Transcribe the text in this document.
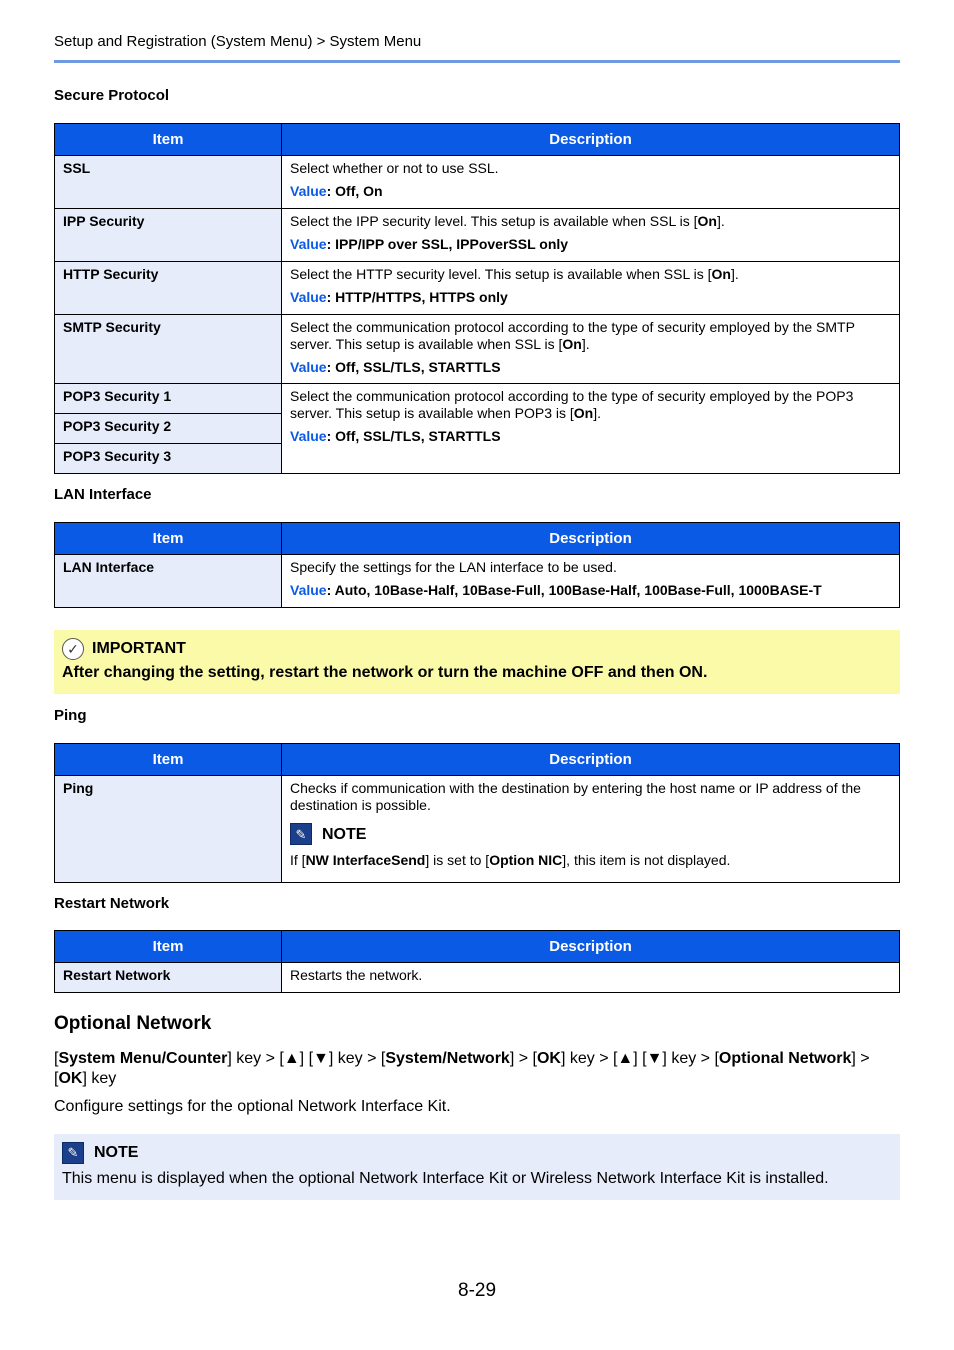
Setup and Registration (System Menu) > System Menu
Secure Protocol
Item	Description
SSL	Select whether or not to use SSL.
Value: Off, On

IPP Security	Select the IPP security level. This setup is available when SSL is [On].
Value: IPP/IPP over SSL, IPPoverSSL only

HTTP Security	Select the HTTP security level. This setup is available when SSL is [On].
Value: HTTP/HTTPS, HTTPS only

SMTP Security	Select the communication protocol according to the type of security employed by the SMTP server. This setup is available when SSL is [On].
Value: Off, SSL/TLS, STARTTLS

POP3 Security 1	Select the communication protocol according to the type of security employed by the POP3 server. This setup is available when POP3 is [On].
Value: Off, SSL/TLS, STARTTLS

POP3 Security 2	
POP3 Security 3	
LAN Interface
Item	Description
LAN Interface	Specify the settings for the LAN interface to be used.
Value: Auto, 10Base-Half, 10Base-Full, 100Base-Half, 100Base-Full, 1000BASE-T
✓ IMPORTANT
After changing the setting, restart the network or turn the machine OFF and then ON.
Ping
Item	Description
Ping	Checks if communication with the destination by entering the host name or IP address of the destination is possible.
✎ NOTE
If [NW InterfaceSend] is set to [Option NIC], this item is not displayed.
Restart Network
Item	Description
Restart Network	Restarts the network.
Optional Network
[System Menu/Counter] key > [▲] [▼] key > [System/Network] > [OK] key > [▲] [▼] key > [Optional Network] > [OK] key
Configure settings for the optional Network Interface Kit.
✎ NOTE
This menu is displayed when the optional Network Interface Kit or Wireless Network Interface Kit is installed.
8-29
